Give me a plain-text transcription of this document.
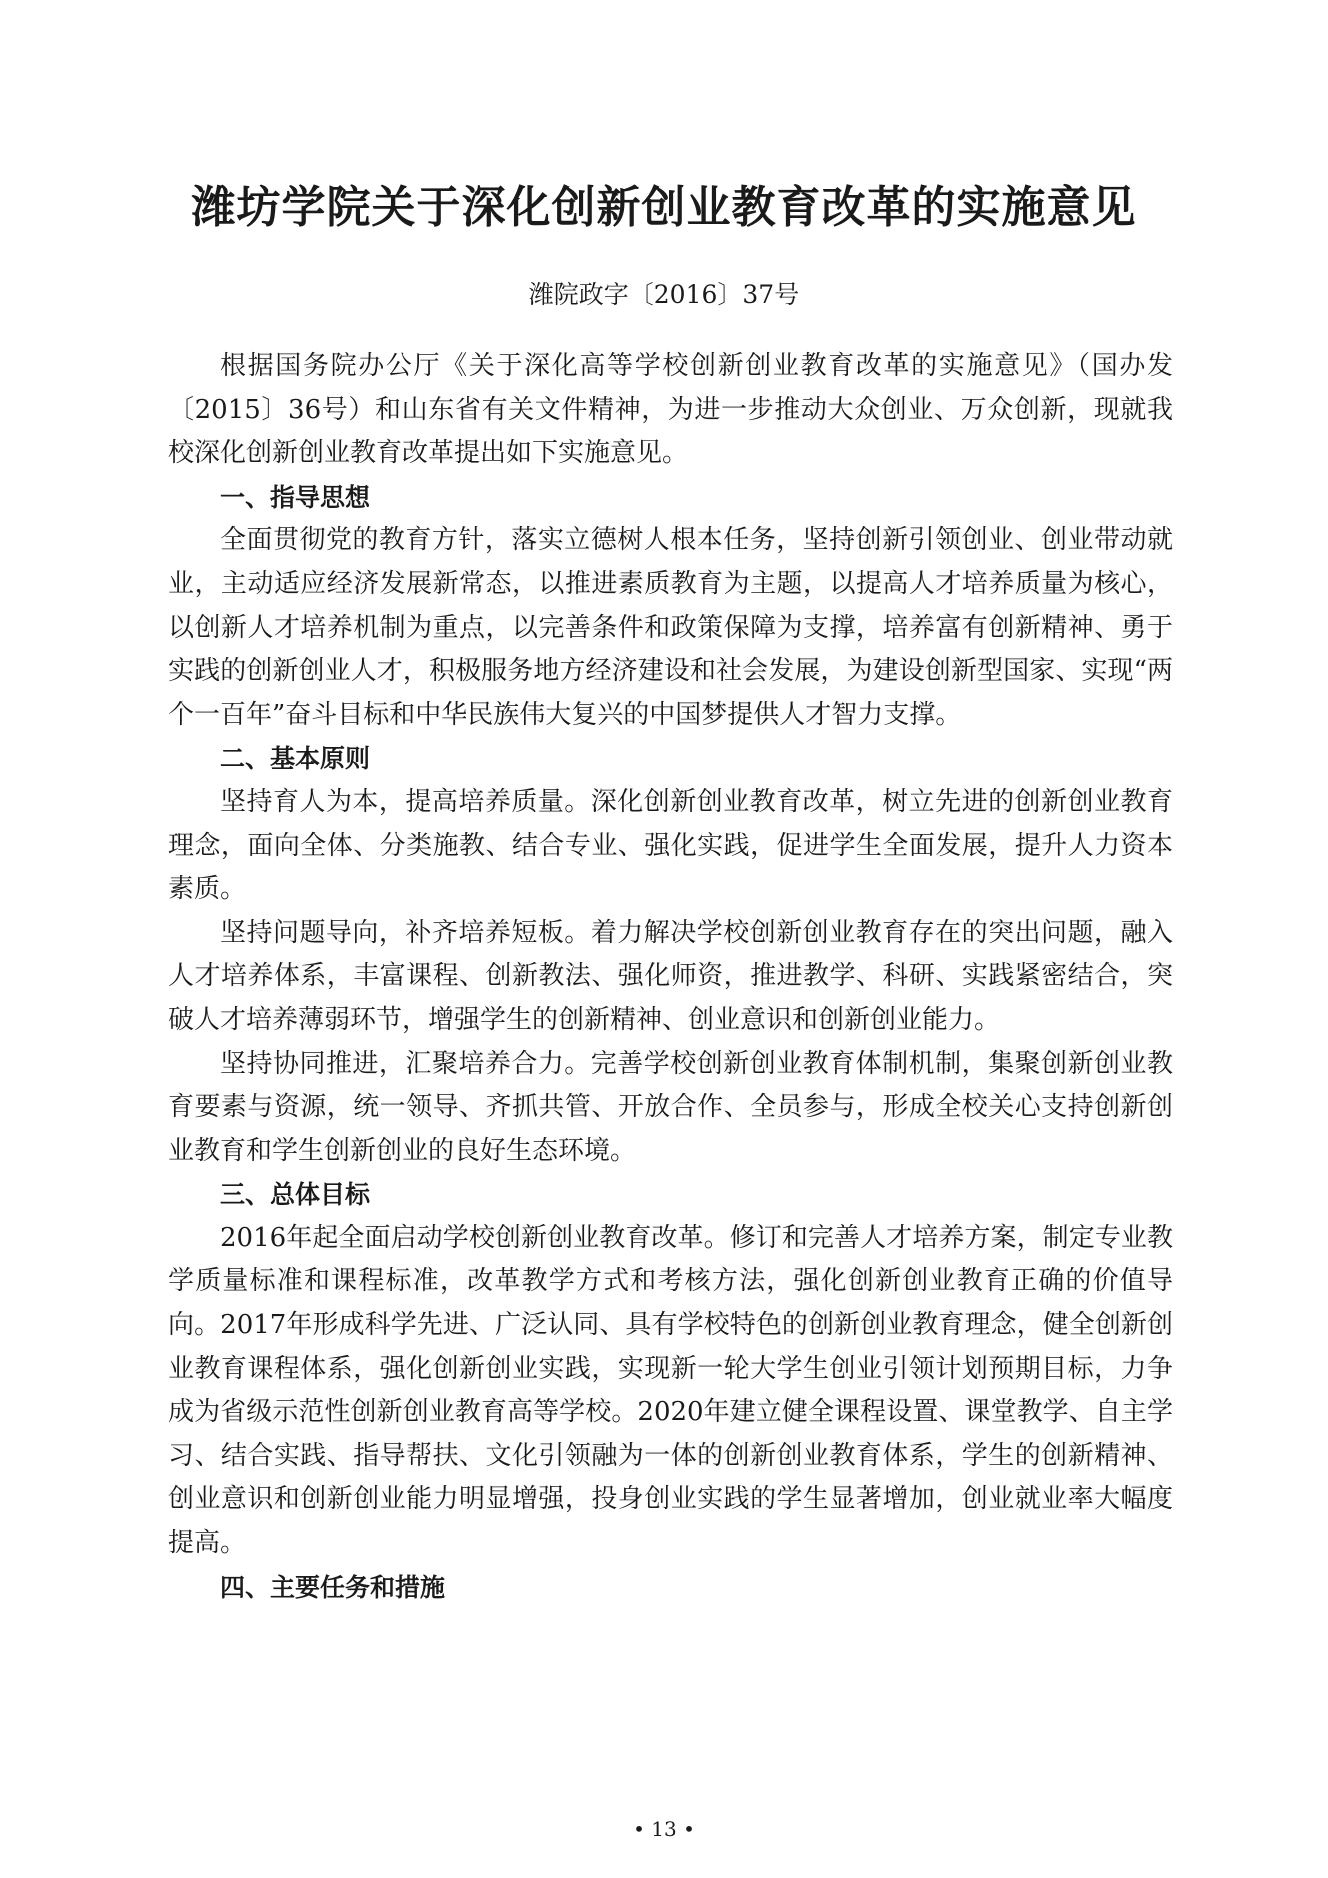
潍坊学院关于深化创新创业教育改革的实施意见
潍院政字〔2016〕37号

根据国务院办公厅《关于深化高等学校创新创业教育改革的实施意见》（国办发〔2015〕36号）和山东省有关文件精神，为进一步推动大众创业、万众创新，现就我校深化创新创业教育改革提出如下实施意见。

一、指导思想

全面贯彻党的教育方针，落实立德树人根本任务，坚持创新引领创业、创业带动就业，主动适应经济发展新常态，以推进素质教育为主题，以提高人才培养质量为核心，以创新人才培养机制为重点，以完善条件和政策保障为支撑，培养富有创新精神、勇于实践的创新创业人才，积极服务地方经济建设和社会发展，为建设创新型国家、实现“两个一百年”奋斗目标和中华民族伟大复兴的中国梦提供人才智力支撑。

二、基本原则

坚持育人为本，提高培养质量。深化创新创业教育改革，树立先进的创新创业教育理念，面向全体、分类施教、结合专业、强化实践，促进学生全面发展，提升人力资本素质。

坚持问题导向，补齐培养短板。着力解决学校创新创业教育存在的突出问题，融入人才培养体系，丰富课程、创新教法、强化师资，推进教学、科研、实践紧密结合，突破人才培养薄弱环节，增强学生的创新精神、创业意识和创新创业能力。

坚持协同推进，汇聚培养合力。完善学校创新创业教育体制机制，集聚创新创业教育要素与资源，统一领导、齐抓共管、开放合作、全员参与，形成全校关心支持创新创业教育和学生创新创业的良好生态环境。

三、总体目标

2016年起全面启动学校创新创业教育改革。修订和完善人才培养方案，制定专业教学质量标准和课程标准，改革教学方式和考核方法，强化创新创业教育正确的价值导向。2017年形成科学先进、广泛认同、具有学校特色的创新创业教育理念，健全创新创业教育课程体系，强化创新创业实践，实现新一轮大学生创业引领计划预期目标，力争成为省级示范性创新创业教育高等学校。2020年建立健全课程设置、课堂教学、自主学习、结合实践、指导帮扶、文化引领融为一体的创新创业教育体系，学生的创新精神、创业意识和创新创业能力明显增强，投身创业实践的学生显著增加，创业就业率大幅度提高。

四、主要任务和措施
• 13 •
